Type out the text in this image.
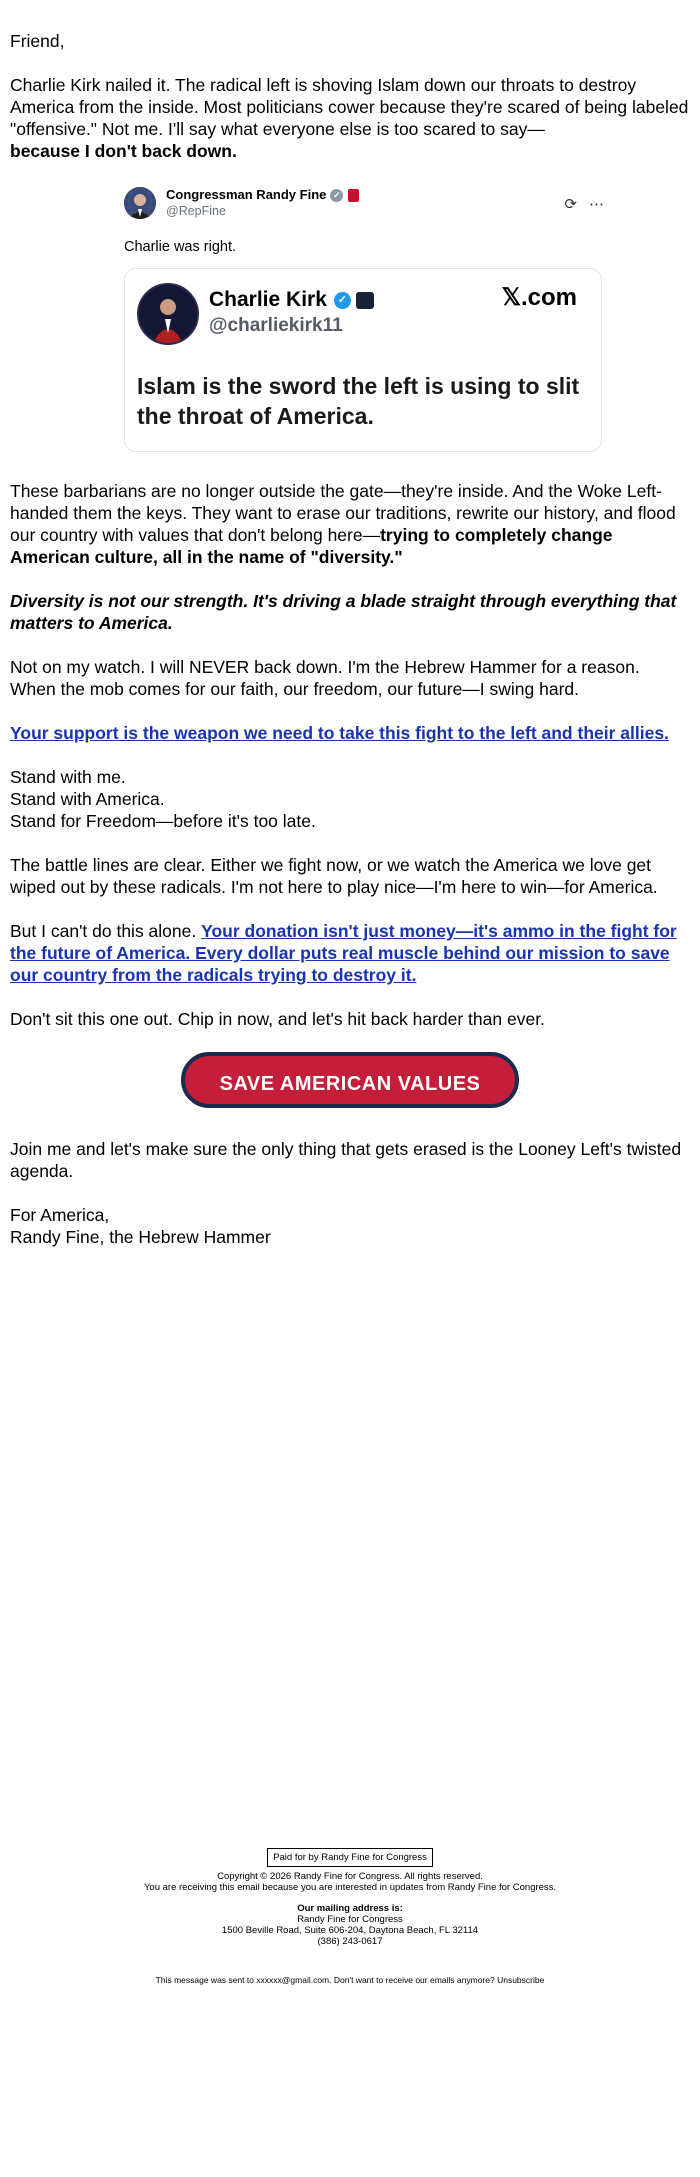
Friend,

Charlie Kirk nailed it. The radical left is shoving Islam down our throats to destroy America from the inside. Most politicians cower because they're scared of being labeled "offensive." Not me. I'll say what everyone else is too scared to say—
because I don't back down.

Congressman Randy Fine ✓
@RepFine	⟳ ⋯
Charlie was right.
Charlie Kirk ✓
@charliekirk11
𝕏.com
Islam is the sword the left is using to slit the throat of America.

These barbarians are no longer outside the gate—they're inside. And the Woke Left-handed them the keys. They want to erase our traditions, rewrite our history, and flood our country with values that don't belong here—trying to completely change American culture, all in the name of "diversity."

Diversity is not our strength. It's driving a blade straight through everything that matters to America.

Not on my watch. I will NEVER back down. I'm the Hebrew Hammer for a reason. When the mob comes for our faith, our freedom, our future—I swing hard.

Your support is the weapon we need to take this fight to the left and their allies.

Stand with me.
Stand with America.
Stand for Freedom—before it's too late.

The battle lines are clear. Either we fight now, or we watch the America we love get wiped out by these radicals. I'm not here to play nice—I'm here to win—for America.

But I can't do this alone. Your donation isn't just money—it's ammo in the fight for the future of America. Every dollar puts real muscle behind our mission to save our country from the radicals trying to destroy it.

Don't sit this one out. Chip in now, and let's hit back harder than ever.

SAVE AMERICAN VALUES

Join me and let's make sure the only thing that gets erased is the Looney Left's twisted agenda.

For America,
Randy Fine, the Hebrew Hammer

Paid for by Randy Fine for Congress
Copyright © 2026 Randy Fine for Congress. All rights reserved.
You are receiving this email because you are interested in updates from Randy Fine for Congress.
Our mailing address is:
Randy Fine for Congress
1500 Beville Road, Suite 606-204, Daytona Beach, FL 32114
(386) 243-0617
This message was sent to xxxxxx@gmail.com. Don't want to receive our emails anymore? Unsubscribe
